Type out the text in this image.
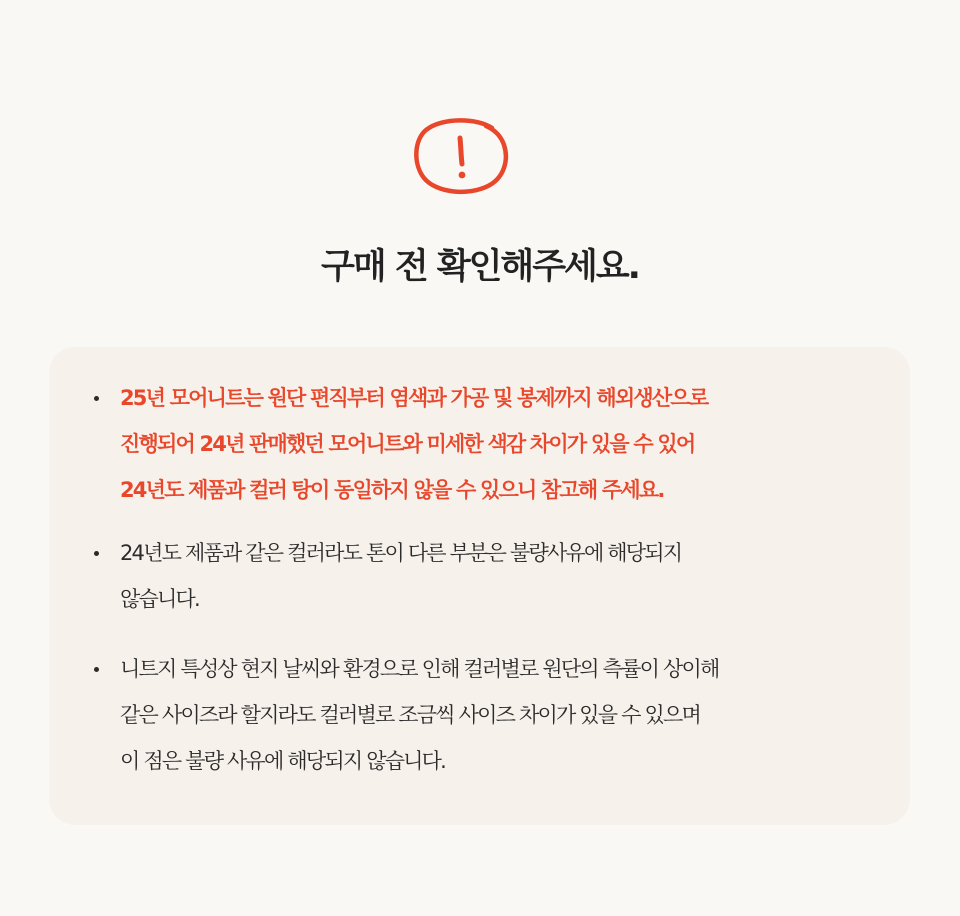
구매 전 확인해주세요.
25년 모어니트는 원단 편직부터 염색과 가공 및 봉제까지 해외생산으로
진행되어 24년 판매했던 모어니트와 미세한 색감 차이가 있을 수 있어
24년도 제품과 컬러 탕이 동일하지 않을 수 있으니 참고해 주세요.
24년도 제품과 같은 컬러라도 톤이 다른 부분은 불량사유에 해당되지
않습니다.
니트지 특성상 현지 날씨와 환경으로 인해 컬러별로 원단의 측률이 상이해
같은 사이즈라 할지라도 컬러별로 조금씩 사이즈 차이가 있을 수 있으며
이 점은 불량 사유에 해당되지 않습니다.
